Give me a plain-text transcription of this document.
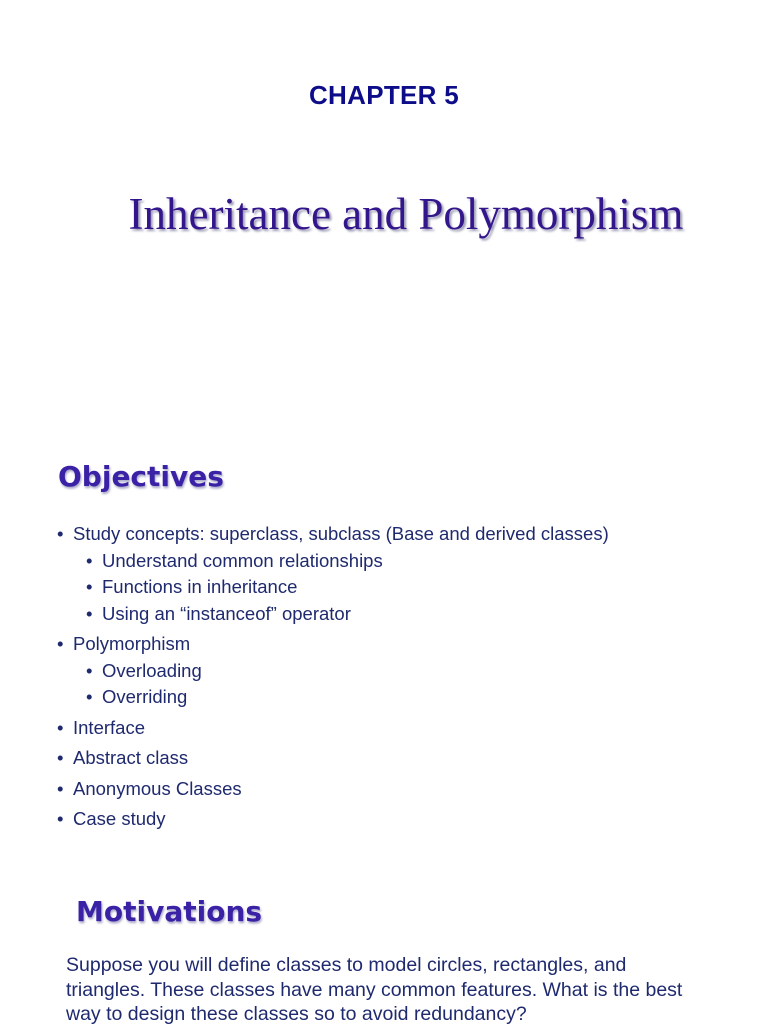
CHAPTER 5
Inheritance and Polymorphism
Objectives
• Study concepts: superclass, subclass (Base and derived classes)
• Understand common relationships
• Functions in inheritance
• Using an “instanceof” operator
• Polymorphism
• Overloading
• Overriding
• Interface
• Abstract class
• Anonymous Classes
• Case study
Motivations

Suppose you will define classes to model circles, rectangles, and triangles. These classes have many common features. What is the best way to design these classes so to avoid redundancy?
